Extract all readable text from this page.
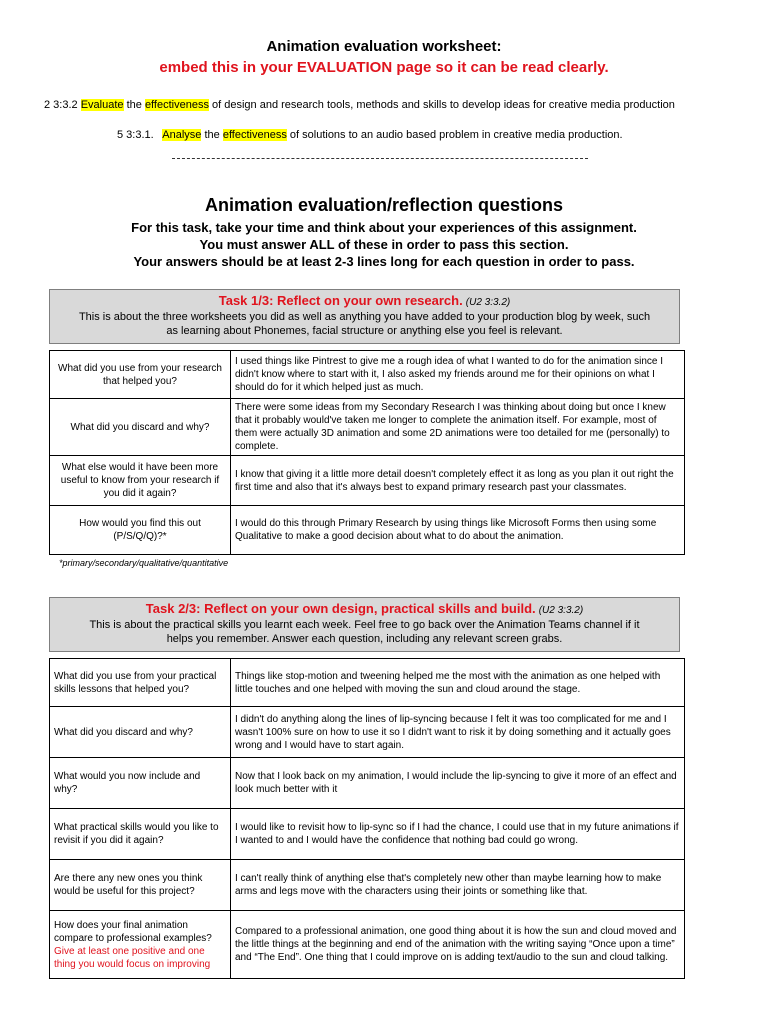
Animation evaluation worksheet:
embed this in your EVALUATION page so it can be read clearly.
2 3:3.2 Evaluate the effectiveness of design and research tools, methods and skills to develop ideas for creative media production
5 3:3.1. Analyse the effectiveness of solutions to an audio based problem in creative media production.
Animation evaluation/reflection questions
For this task, take your time and think about your experiences of this assignment.
You must answer ALL of these in order to pass this section.
Your answers should be at least 2-3 lines long for each question in order to pass.
Task 1/3: Reflect on your own research. (U2 3:3.2)
This is about the three worksheets you did as well as anything you have added to your production blog by week, such
as learning about Phonemes, facial structure or anything else you feel is relevant.
What did you use from your research that helped you?	I used things like Pintrest to give me a rough idea of what I wanted to do for the animation since I didn't know where to start with it, I also asked my friends around me for their opinions on what I should do for it which helped just as much.
What did you discard and why?	There were some ideas from my Secondary Research I was thinking about doing but once I knew that it probably would've taken me longer to complete the animation itself. For example, most of them were actually 3D animation and some 2D animations were too detailed for me (personally) to complete.
What else would it have been more useful to know from your research if you did it again?	I know that giving it a little more detail doesn't completely effect it as long as you plan it out right the first time and also that it's always best to expand primary research past your classmates.
How would you find this out (P/S/Q/Q)?*	I would do this through Primary Research by using things like Microsoft Forms then using some Qualitative to make a good decision about what to do about the animation.
*primary/secondary/qualitative/quantitative
Task 2/3: Reflect on your own design, practical skills and build. (U2 3:3.2)
This is about the practical skills you learnt each week. Feel free to go back over the Animation Teams channel if it
helps you remember. Answer each question, including any relevant screen grabs.
What did you use from your practical skills lessons that helped you?	Things like stop-motion and tweening helped me the most with the animation as one helped with little touches and one helped with moving the sun and cloud around the stage.
What did you discard and why?	I didn't do anything along the lines of lip-syncing because I felt it was too complicated for me and I wasn't 100% sure on how to use it so I didn't want to risk it by doing something and it actually goes wrong and I would have to start again.
What would you now include and why?	Now that I look back on my animation, I would include the lip-syncing to give it more of an effect and look much better with it
What practical skills would you like to revisit if you did it again?	I would like to revisit how to lip-sync so if I had the chance, I could use that in my future animations if I wanted to and I would have the confidence that nothing bad could go wrong.
Are there any new ones you think would be useful for this project?	I can't really think of anything else that's completely new other than maybe learning how to make arms and legs move with the characters using their joints or something like that.
How does your final animation compare to professional examples? Give at least one positive and one thing you would focus on improving	Compared to a professional animation, one good thing about it is how the sun and cloud moved and the little things at the beginning and end of the animation with the writing saying “Once upon a time” and “The End”. One thing that I could improve on is adding text/audio to the sun and cloud talking.
